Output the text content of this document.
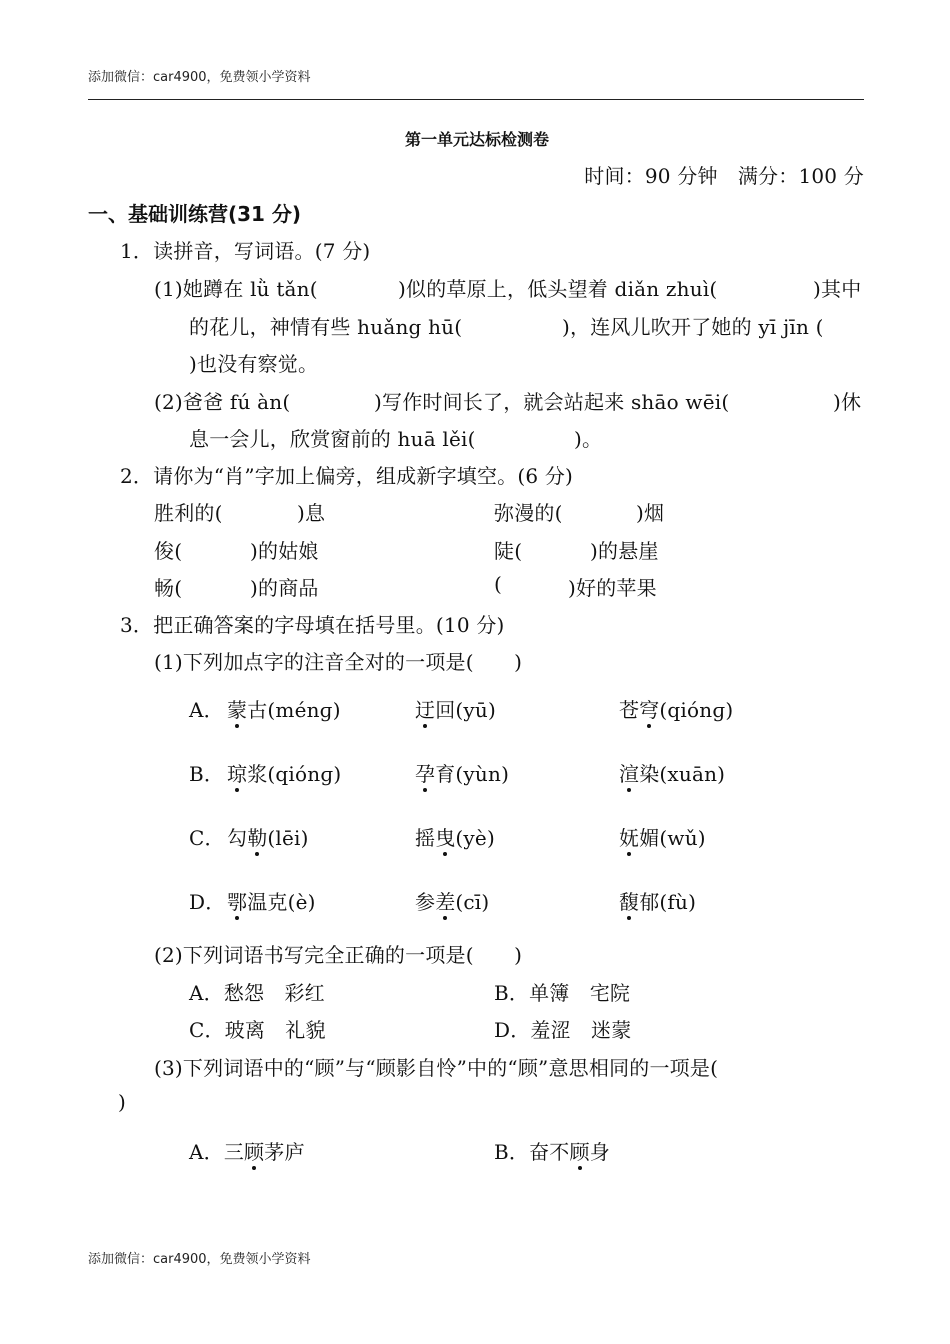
添加微信：car4900，免费领小学资料
第一单元达标检测卷
时间：90 分钟　满分：100 分
一、基础训练营(31 分)
1．读拼音，写词语。(7 分)
(1)她蹲在 lǜ tǎn(	)似的草原上，低头望着 diǎn zhuì(	)其中
的花儿，神情有些 huǎng hū(	)，连风儿吹开了她的 yī jīn (
)也没有察觉。
(2)爸爸 fú àn(	)写作时间长了，就会站起来 shāo wēi(	)休
息一会儿，欣赏窗前的 huā lěi(	)。
2．请你为“肖”字加上偏旁，组成新字填空。(6 分)
胜利的(	)息	弥漫的(	)烟
俊(	)的姑娘	陡(	)的悬崖
畅(	)的商品	(	)好的苹果
3．把正确答案的字母填在括号里。(10 分)
(1)下列加点字的注音全对的一项是(　　)
A． 蒙古(ménɡ)	迂回(yū)	苍穹(qiónɡ)
B． 琼浆(qiónɡ)	孕育(yùn)	渲染(xuān)
C． 勾勒(lēi)	摇曳(yè)	妩媚(wǔ)
D． 鄂温克(è)	参差(cī)	馥郁(fù)
(2)下列词语书写完全正确的一项是(　　)
A．愁怨　彩红	B．单簿　宅院
C．玻离　礼貌	D．羞涩　迷蒙
(3)下列词语中的“顾”与“顾影自怜”中的“顾”意思相同的一项是(
)
A．三顾茅庐	B．奋不顾身
添加微信：car4900，免费领小学资料
